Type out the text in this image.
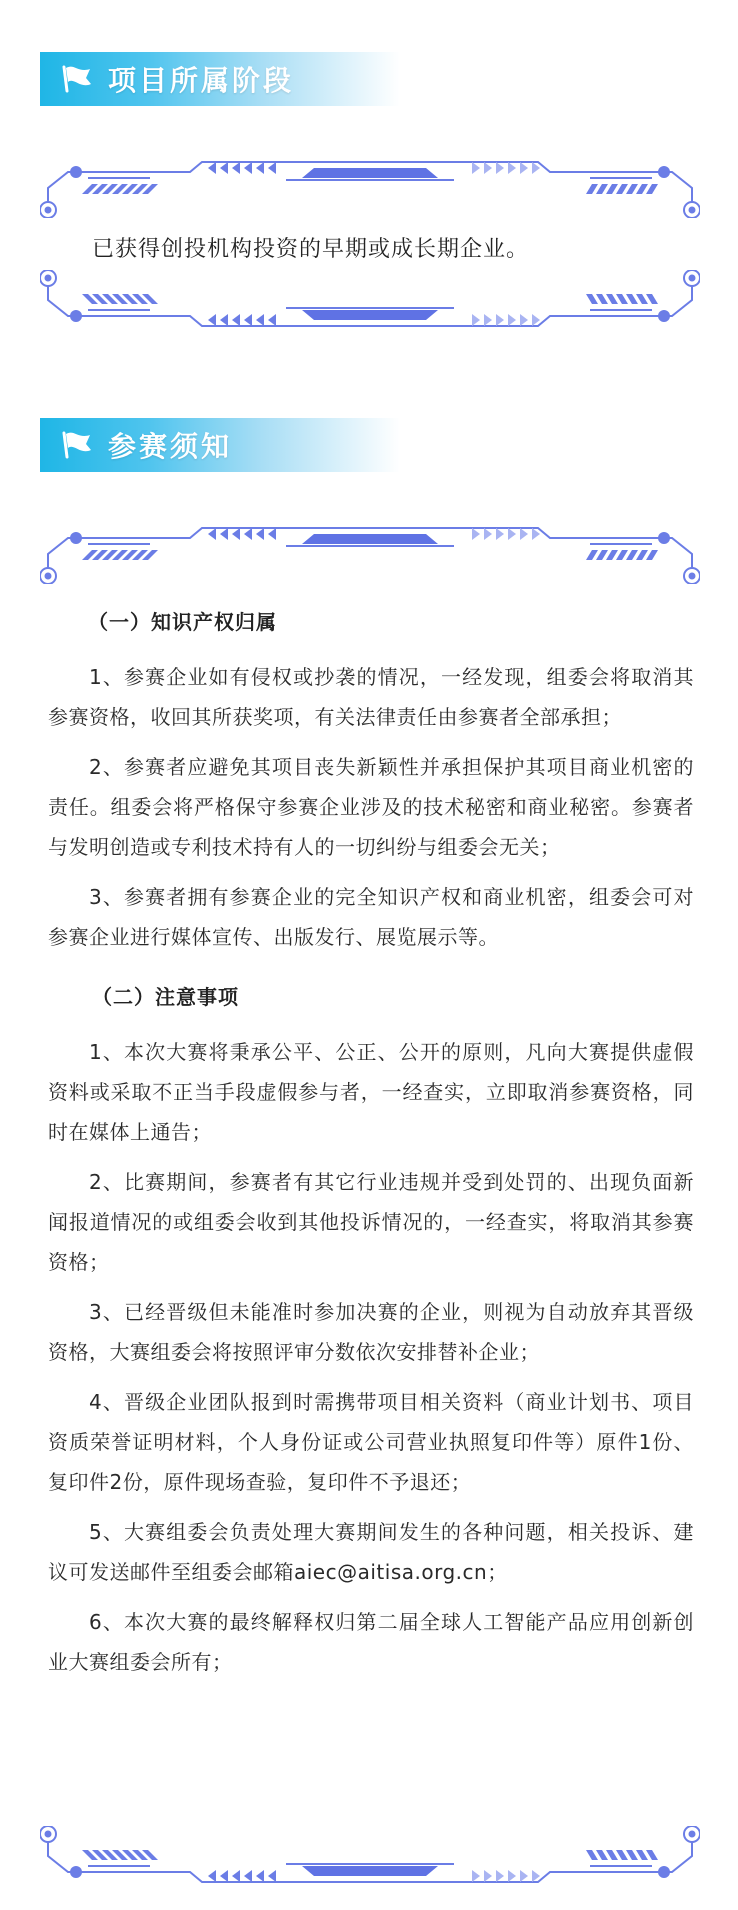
项目所属阶段
已获得创投机构投资的早期或成长期企业。
参赛须知

（一）知识产权归属

1、参赛企业如有侵权或抄袭的情况，一经发现，组委会将取消其参赛资格，收回其所获奖项，有关法律责任由参赛者全部承担；

2、参赛者应避免其项目丧失新颖性并承担保护其项目商业机密的责任。组委会将严格保守参赛企业涉及的技术秘密和商业秘密。参赛者与发明创造或专利技术持有人的一切纠纷与组委会无关；

3、参赛者拥有参赛企业的完全知识产权和商业机密，组委会可对参赛企业进行媒体宣传、出版发行、展览展示等。

（二）注意事项

1、本次大赛将秉承公平、公正、公开的原则，凡向大赛提供虚假资料或采取不正当手段虚假参与者，一经查实，立即取消参赛资格，同时在媒体上通告；

2、比赛期间，参赛者有其它行业违规并受到处罚的、出现负面新闻报道情况的或组委会收到其他投诉情况的，一经查实，将取消其参赛资格；

3、已经晋级但未能准时参加决赛的企业，则视为自动放弃其晋级资格，大赛组委会将按照评审分数依次安排替补企业；

4、晋级企业团队报到时需携带项目相关资料（商业计划书、项目资质荣誉证明材料，个人身份证或公司营业执照复印件等）原件1份、复印件2份，原件现场查验，复印件不予退还；

5、大赛组委会负责处理大赛期间发生的各种问题，相关投诉、建议可发送邮件至组委会邮箱aiec@aitisa.org.cn；

6、本次大赛的最终解释权归第二届全球人工智能产品应用创新创业大赛组委会所有；
